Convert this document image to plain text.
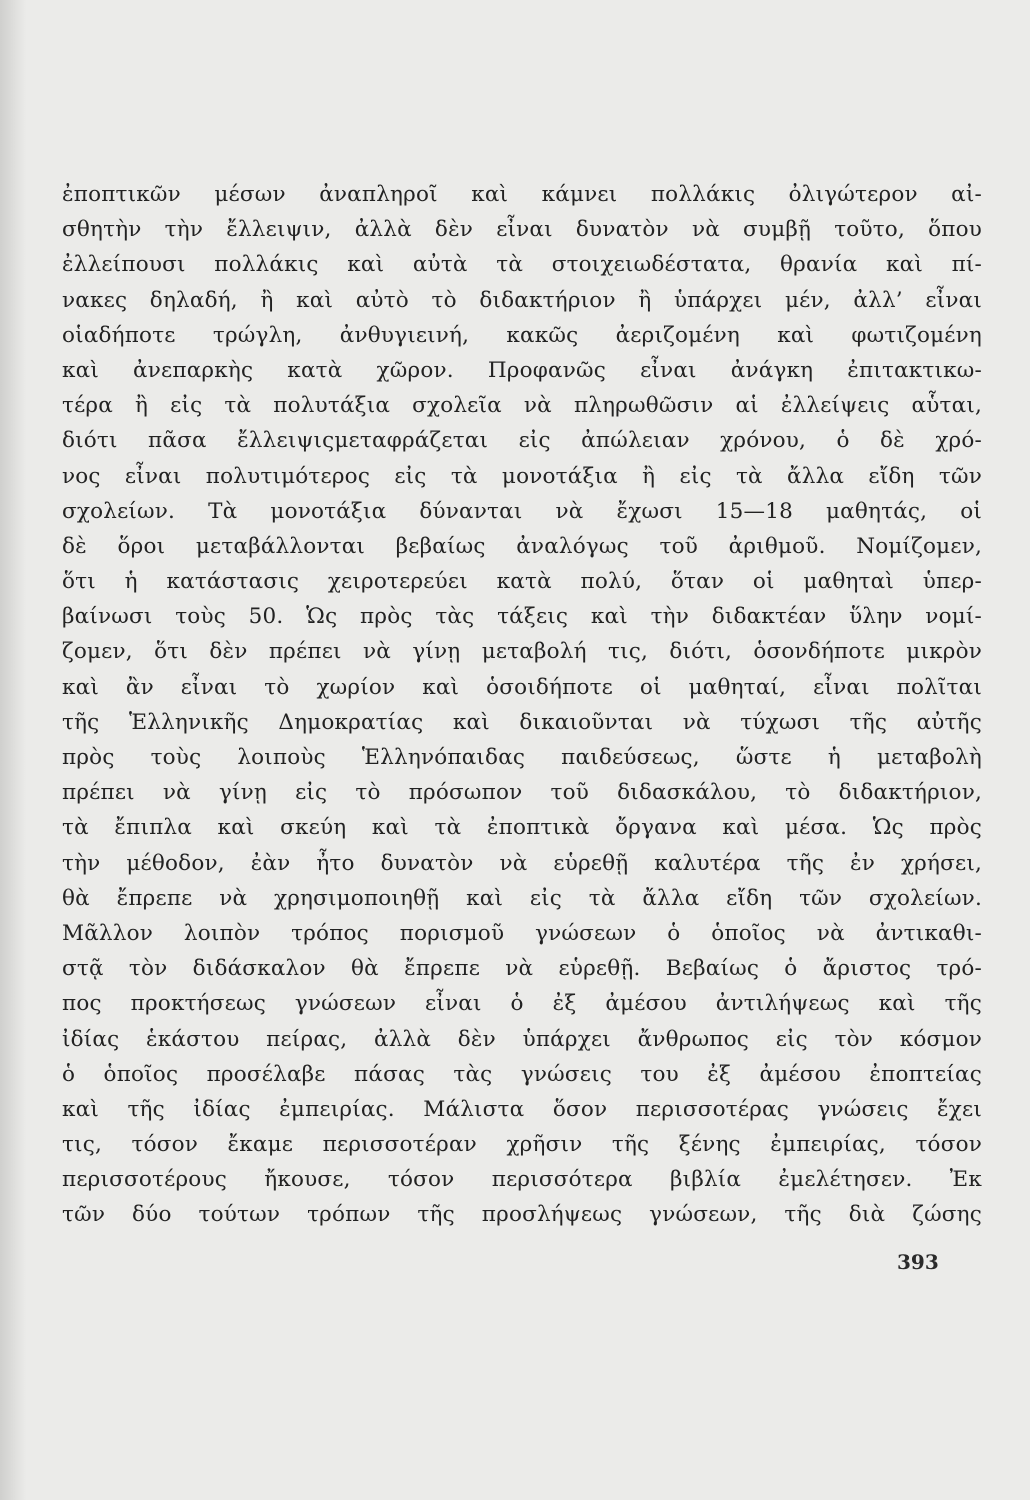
ἐποπτικῶν μέσων ἀναπληροῖ καὶ κάμνει πολλάκις ὀλιγώτερον αἰ-
σθητὴν τὴν ἔλλειψιν, ἀλλὰ δὲν εἶναι δυνατὸν νὰ συμβῇ τοῦτο, ὅπου
ἐλλείπουσι πολλάκις καὶ αὐτὰ τὰ στοιχειωδέστατα, θρανία καὶ πί-
νακες δηλαδή, ἢ καὶ αὐτὸ τὸ διδακτήριον ἢ ὑπάρχει μέν, ἀλλ’ εἶναι
οἱαδήποτε τρώγλη, ἀνθυγιεινή, κακῶς ἀεριζομένη καὶ φωτιζομένη
καὶ ἀνεπαρκὴς κατὰ χῶρον. Προφανῶς εἶναι ἀνάγκη ἐπιτακτικω-
τέρα ἢ εἰς τὰ πολυτάξια σχολεῖα νὰ πληρωθῶσιν αἱ ἐλλείψεις αὗται,
διότι πᾶσα ἔλλειψιςμεταφράζεται εἰς ἀπώλειαν χρόνου, ὁ δὲ χρό-
νος εἶναι πολυτιμότερος εἰς τὰ μονοτάξια ἢ εἰς τὰ ἄλλα εἴδη τῶν
σχολείων. Τὰ μονοτάξια δύνανται νὰ ἔχωσι 15—18 μαθητάς, οἱ
δὲ ὅροι μεταβάλλονται βεβαίως ἀναλόγως τοῦ ἀριθμοῦ. Νομίζομεν,
ὅτι ἡ κατάστασις χειροτερεύει κατὰ πολύ, ὅταν οἱ μαθηταὶ ὑπερ-
βαίνωσι τοὺς 50. Ὡς πρὸς τὰς τάξεις καὶ τὴν διδακτέαν ὕλην νομί-
ζομεν, ὅτι δὲν πρέπει νὰ γίνῃ μεταβολή τις, διότι, ὁσονδήποτε μικρὸν
καὶ ἂν εἶναι τὸ χωρίον καὶ ὁσοιδήποτε οἱ μαθηταί, εἶναι πολῖται
τῆς Ἑλληνικῆς Δημοκρατίας καὶ δικαιοῦνται νὰ τύχωσι τῆς αὐτῆς
πρὸς τοὺς λοιποὺς Ἑλληνόπαιδας παιδεύσεως, ὥστε ἡ μεταβολὴ
πρέπει νὰ γίνῃ εἰς τὸ πρόσωπον τοῦ διδασκάλου, τὸ διδακτήριον,
τὰ ἔπιπλα καὶ σκεύη καὶ τὰ ἐποπτικὰ ὄργανα καὶ μέσα. Ὡς πρὸς
τὴν μέθοδον, ἐὰν ἦτο δυνατὸν νὰ εὑρεθῇ καλυτέρα τῆς ἐν χρήσει,
θὰ ἔπρεπε νὰ χρησιμοποιηθῇ καὶ εἰς τὰ ἄλλα εἴδη τῶν σχολείων.
Μᾶλλον λοιπὸν τρόπος πορισμοῦ γνώσεων ὁ ὁποῖος νὰ ἀντικαθι-
στᾷ τὸν διδάσκαλον θὰ ἔπρεπε νὰ εὑρεθῇ. Βεβαίως ὁ ἄριστος τρό-
πος προκτήσεως γνώσεων εἶναι ὁ ἐξ ἀμέσου ἀντιλήψεως καὶ τῆς
ἰδίας ἑκάστου πείρας, ἀλλὰ δὲν ὑπάρχει ἄνθρωπος εἰς τὸν κόσμον
ὁ ὁποῖος προσέλαβε πάσας τὰς γνώσεις του ἐξ ἀμέσου ἐποπτείας
καὶ τῆς ἰδίας ἐμπειρίας. Μάλιστα ὅσον περισσοτέρας γνώσεις ἔχει
τις, τόσον ἔκαμε περισσοτέραν χρῆσιν τῆς ξένης ἐμπειρίας, τόσον
περισσοτέρους ἤκουσε, τόσον περισσότερα βιβλία ἐμελέτησεν. Ἐκ
τῶν δύο τούτων τρόπων τῆς προσλήψεως γνώσεων, τῆς διὰ ζώσης
393
